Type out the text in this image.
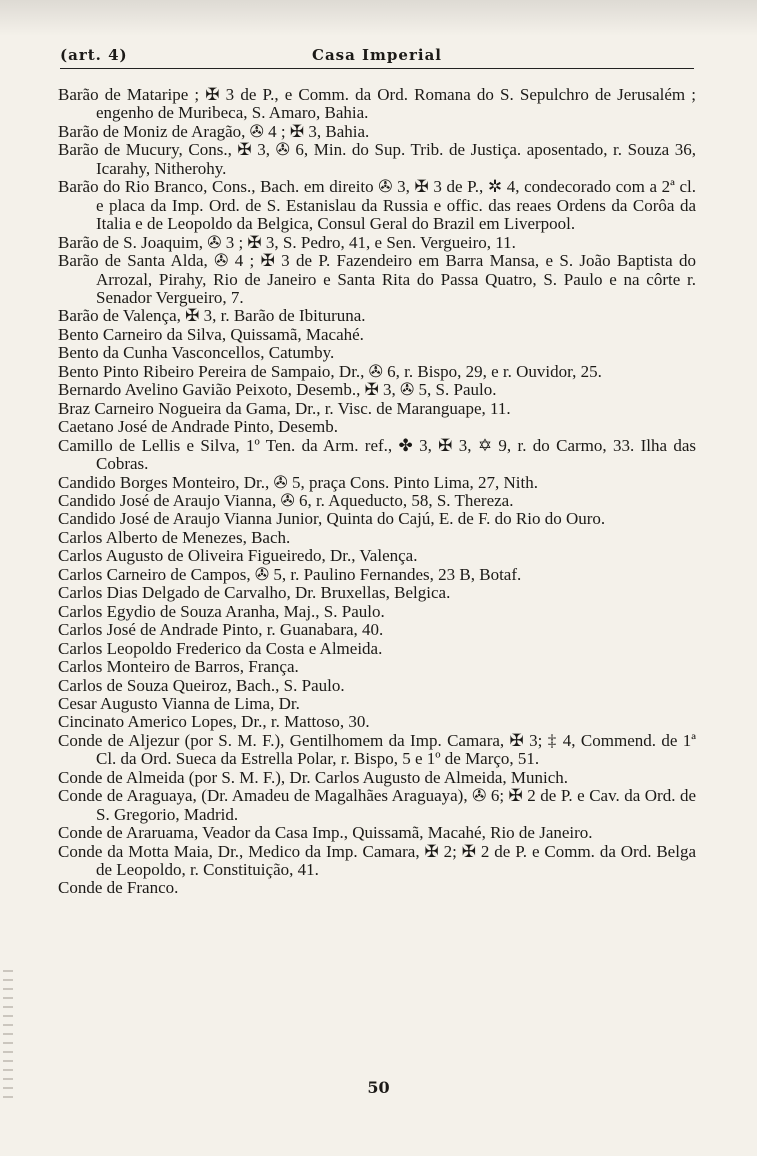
(art. 4)	Casa Imperial

Barão de Mataripe ; ✠ 3 de P., e Comm. da Ord. Romana do S. Sepulchro de Jerusalém ; engenho de Muribeca, S. Amaro, Bahia.

Barão de Moniz de Aragão, ✇ 4 ; ✠ 3, Bahia.

Barão de Mucury, Cons., ✠ 3, ✇ 6, Min. do Sup. Trib. de Justiça. aposentado, r. Souza 36, Icarahy, Nitherohy.

Barão do Rio Branco, Cons., Bach. em direito ✇ 3, ✠ 3 de P., ✲ 4, condecorado com a 2ª cl. e placa da Imp. Ord. de S. Estanislau da Russia e offic. das reaes Ordens da Corôa da Italia e de Leopoldo da Belgica, Consul Geral do Brazil em Liverpool.

Barão de S. Joaquim, ✇ 3 ; ✠ 3, S. Pedro, 41, e Sen. Vergueiro, 11.

Barão de Santa Alda, ✇ 4 ; ✠ 3 de P. Fazendeiro em Barra Mansa, e S. João Baptista do Arrozal, Pirahy, Rio de Janeiro e Santa Rita do Passa Quatro, S. Paulo e na côrte r. Senador Vergueiro, 7.

Barão de Valença, ✠ 3, r. Barão de Ibituruna.

Bento Carneiro da Silva, Quissamã, Macahé.

Bento da Cunha Vasconcellos, Catumby.

Bento Pinto Ribeiro Pereira de Sampaio, Dr., ✇ 6, r. Bispo, 29, e r. Ouvidor, 25.

Bernardo Avelino Gavião Peixoto, Desemb., ✠ 3, ✇ 5, S. Paulo.

Braz Carneiro Nogueira da Gama, Dr., r. Visc. de Maranguape, 11.

Caetano José de Andrade Pinto, Desemb.

Camillo de Lellis e Silva, 1º Ten. da Arm. ref., ✤ 3, ✠ 3, ✡ 9, r. do Carmo, 33. Ilha das Cobras.

Candido Borges Monteiro, Dr., ✇ 5, praça Cons. Pinto Lima, 27, Nith.

Candido José de Araujo Vianna, ✇ 6, r. Aqueducto, 58, S. Thereza.

Candido José de Araujo Vianna Junior, Quinta do Cajú, E. de F. do Rio do Ouro.

Carlos Alberto de Menezes, Bach.

Carlos Augusto de Oliveira Figueiredo, Dr., Valença.

Carlos Carneiro de Campos, ✇ 5, r. Paulino Fernandes, 23 B, Botaf.

Carlos Dias Delgado de Carvalho, Dr. Bruxellas, Belgica.

Carlos Egydio de Souza Aranha, Maj., S. Paulo.

Carlos José de Andrade Pinto, r. Guanabara, 40.

Carlos Leopoldo Frederico da Costa e Almeida.

Carlos Monteiro de Barros, França.

Carlos de Souza Queiroz, Bach., S. Paulo.

Cesar Augusto Vianna de Lima, Dr.

Cincinato Americo Lopes, Dr., r. Mattoso, 30.

Conde de Aljezur (por S. M. F.), Gentilhomem da Imp. Camara, ✠ 3; ‡ 4, Commend. de 1ª Cl. da Ord. Sueca da Estrella Polar, r. Bispo, 5 e 1º de Março, 51.

Conde de Almeida (por S. M. F.), Dr. Carlos Augusto de Almeida, Munich.

Conde de Araguaya, (Dr. Amadeu de Magalhães Araguaya), ✇ 6; ✠ 2 de P. e Cav. da Ord. de S. Gregorio, Madrid.

Conde de Araruama, Veador da Casa Imp., Quissamã, Macahé, Rio de Janeiro.

Conde da Motta Maia, Dr., Medico da Imp. Camara, ✠ 2; ✠ 2 de P. e Comm. da Ord. Belga de Leopoldo, r. Constituição, 41.

Conde de Franco.

50
